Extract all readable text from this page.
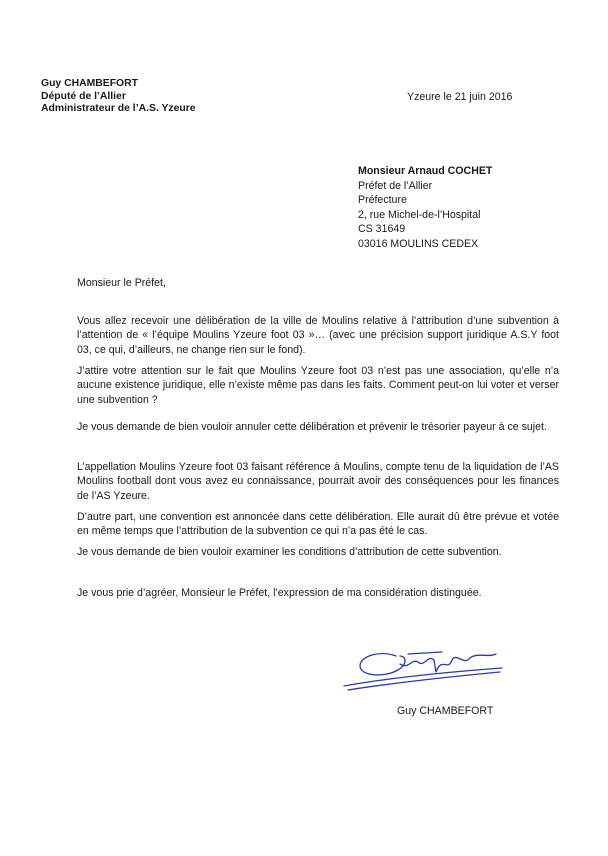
Guy CHAMBEFORT
Député de l’Allier
Administrateur de l’A.S. Yzeure
Yzeure le 21 juin 2016
Monsieur Arnaud COCHET
Préfet de l’Allier
Préfecture
2, rue Michel-de-l’Hospital
CS 31649
03016 MOULINS CEDEX
Monsieur le Préfet,

Vous allez recevoir une délibération de la ville de Moulins relative à l’attribution d’une subvention à l’attention de « l’équipe Moulins Yzeure foot 03 »… (avec une précision support juridique A.S.Y foot 03, ce qui, d’ailleurs, ne change rien sur le fond).

J’attire votre attention sur le fait que Moulins Yzeure foot 03 n’est pas une association, qu’elle n’a aucune existence juridique, elle n’existe même pas dans les faits. Comment peut-on lui voter et verser une subvention ?

Je vous demande de bien vouloir annuler cette délibération et prévenir le trésorier payeur à ce sujet.

L’appellation Moulins Yzeure foot 03 faisant référence à Moulins, compte tenu de la liquidation de l’AS Moulins football dont vous avez eu connaissance, pourrait avoir des conséquences pour les finances de l’AS Yzeure.

D’autre part, une convention est annoncée dans cette délibération. Elle aurait dû être prévue et votée en même temps que l’attribution de la subvention ce qui n’a pas été le cas.

Je vous demande de bien vouloir examiner les conditions d’attribution de cette subvention.

Je vous prie d’agréer, Monsieur le Préfet, l’expression de ma considération distinguée.

Guy CHAMBEFORT
